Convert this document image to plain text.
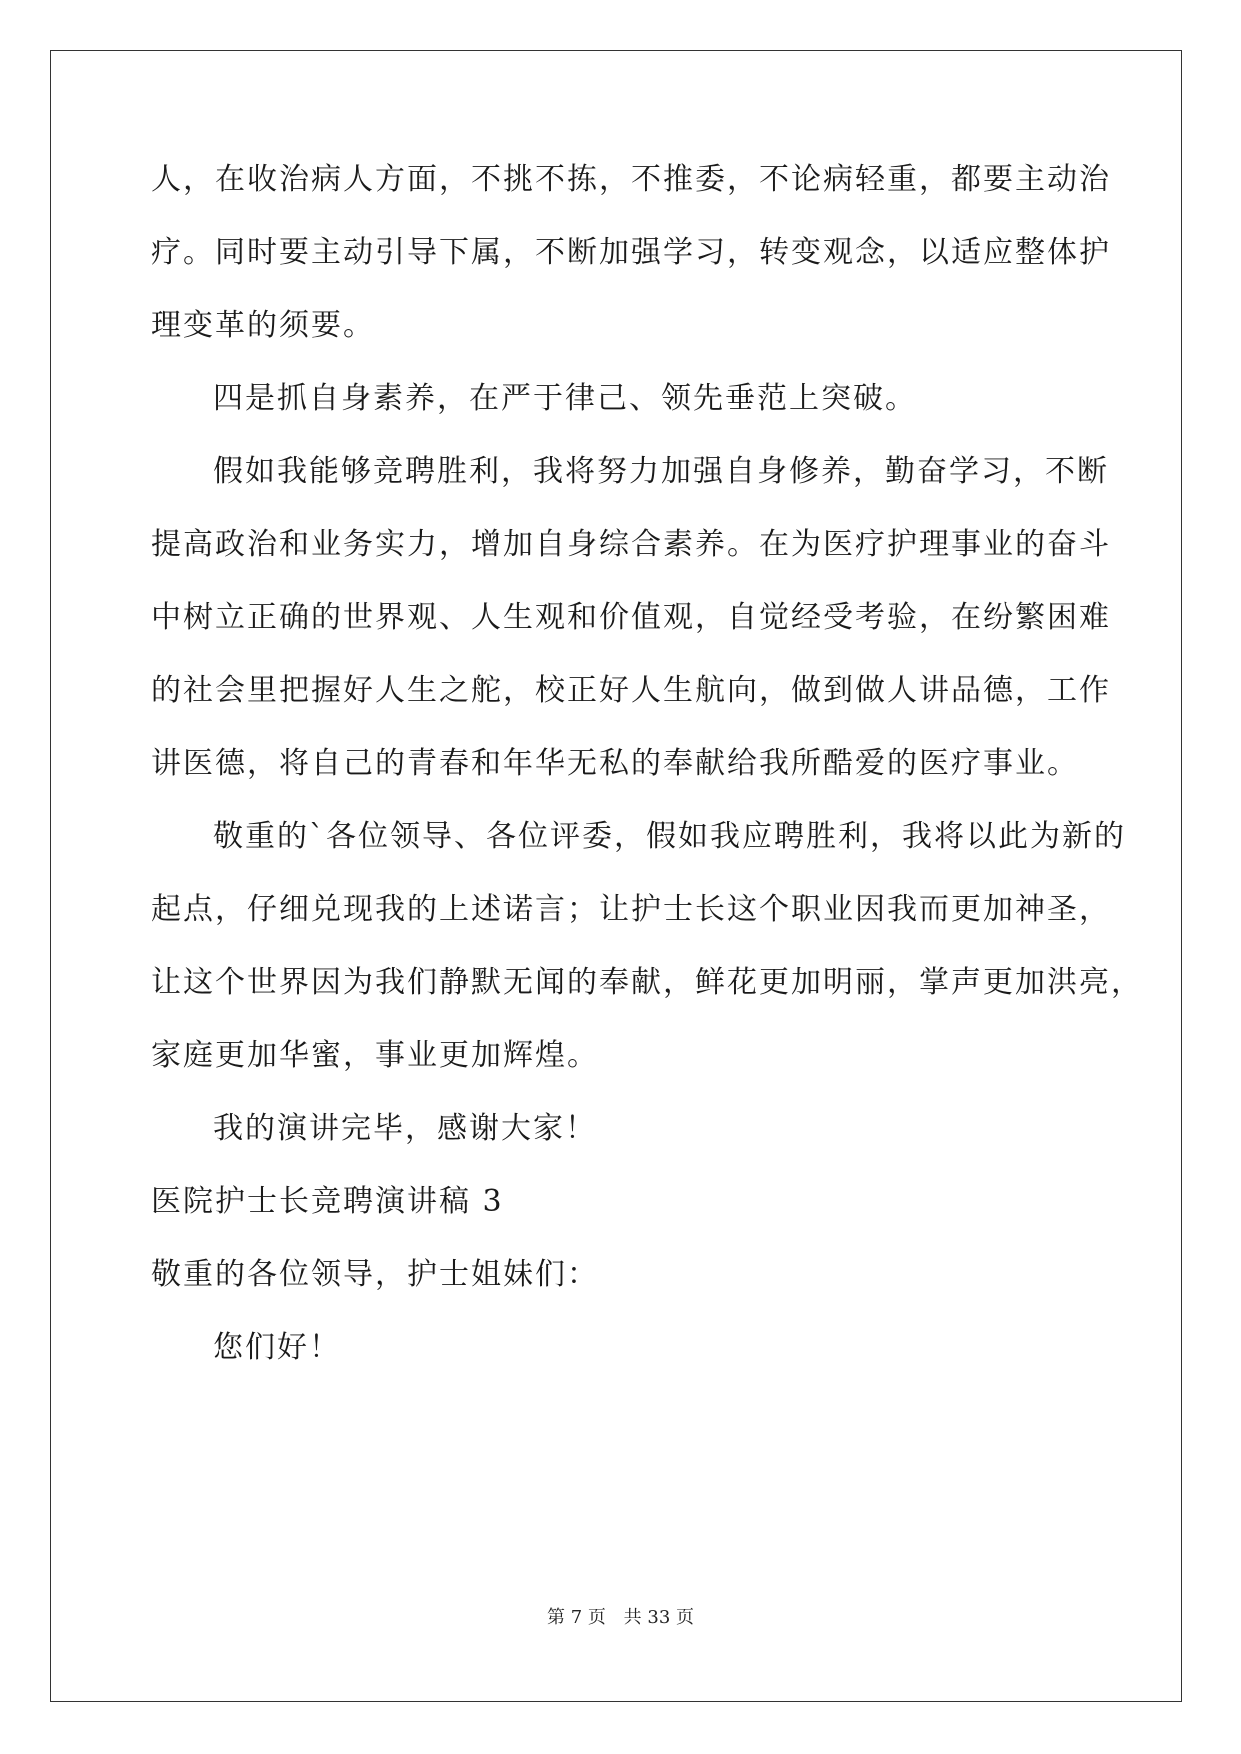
人，在收治病人方面，不挑不拣，不推委，不论病轻重，都要主动治
疗。同时要主动引导下属，不断加强学习，转变观念，以适应整体护
理变革的须要。
四是抓自身素养，在严于律己、领先垂范上突破。
假如我能够竞聘胜利，我将努力加强自身修养，勤奋学习，不断
提高政治和业务实力，增加自身综合素养。在为医疗护理事业的奋斗
中树立正确的世界观、人生观和价值观，自觉经受考验，在纷繁困难
的社会里把握好人生之舵，校正好人生航向，做到做人讲品德，工作
讲医德，将自己的青春和年华无私的奉献给我所酷爱的医疗事业。
敬重的`各位领导、各位评委，假如我应聘胜利，我将以此为新的
起点，仔细兑现我的上述诺言；让护士长这个职业因我而更加神圣，
让这个世界因为我们静默无闻的奉献，鲜花更加明丽，掌声更加洪亮，
家庭更加华蜜，事业更加辉煌。
我的演讲完毕，感谢大家！
医院护士长竞聘演讲稿 3
敬重的各位领导，护士姐妹们：
您们好！
第 7 页 共 33 页
